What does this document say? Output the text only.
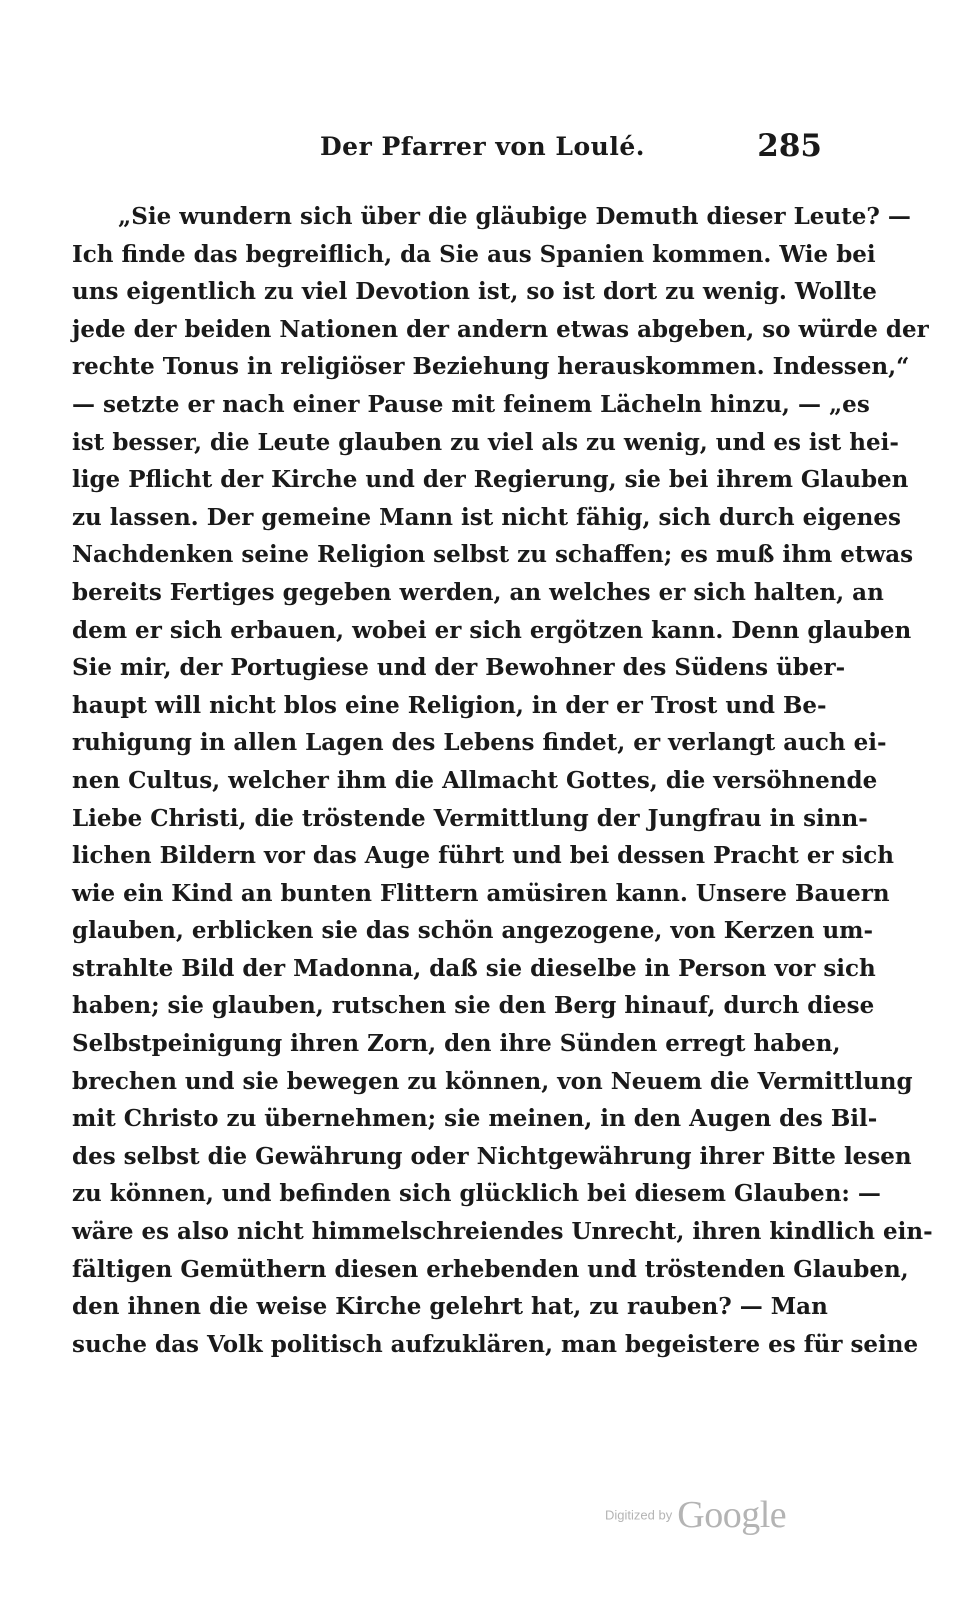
Der Pfarrer von Loulé.	285
„Sie wundern sich über die gläubige Demuth dieser Leute? —
Ich finde das begreiflich, da Sie aus Spanien kommen. Wie bei
uns eigentlich zu viel Devotion ist, so ist dort zu wenig. Wollte
jede der beiden Nationen der andern etwas abgeben, so würde der
rechte Tonus in religiöser Beziehung herauskommen. Indessen,“
— setzte er nach einer Pause mit feinem Lächeln hinzu, — „es
ist besser, die Leute glauben zu viel als zu wenig, und es ist hei-
lige Pflicht der Kirche und der Regierung, sie bei ihrem Glauben
zu lassen. Der gemeine Mann ist nicht fähig, sich durch eigenes
Nachdenken seine Religion selbst zu schaffen; es muß ihm etwas
bereits Fertiges gegeben werden, an welches er sich halten, an
dem er sich erbauen, wobei er sich ergötzen kann. Denn glauben
Sie mir, der Portugiese und der Bewohner des Südens über-
haupt will nicht blos eine Religion, in der er Trost und Be-
ruhigung in allen Lagen des Lebens findet, er verlangt auch ei-
nen Cultus, welcher ihm die Allmacht Gottes, die versöhnende
Liebe Christi, die tröstende Vermittlung der Jungfrau in sinn-
lichen Bildern vor das Auge führt und bei dessen Pracht er sich
wie ein Kind an bunten Flittern amüsiren kann. Unsere Bauern
glauben, erblicken sie das schön angezogene, von Kerzen um-
strahlte Bild der Madonna, daß sie dieselbe in Person vor sich
haben; sie glauben, rutschen sie den Berg hinauf, durch diese
Selbstpeinigung ihren Zorn, den ihre Sünden erregt haben,
brechen und sie bewegen zu können, von Neuem die Vermittlung
mit Christo zu übernehmen; sie meinen, in den Augen des Bil-
des selbst die Gewährung oder Nichtgewährung ihrer Bitte lesen
zu können, und befinden sich glücklich bei diesem Glauben: —
wäre es also nicht himmelschreiendes Unrecht, ihren kindlich ein-
fältigen Gemüthern diesen erhebenden und tröstenden Glauben,
den ihnen die weise Kirche gelehrt hat, zu rauben? — Man
suche das Volk politisch aufzuklären, man begeistere es für seine
Digitized by Google
